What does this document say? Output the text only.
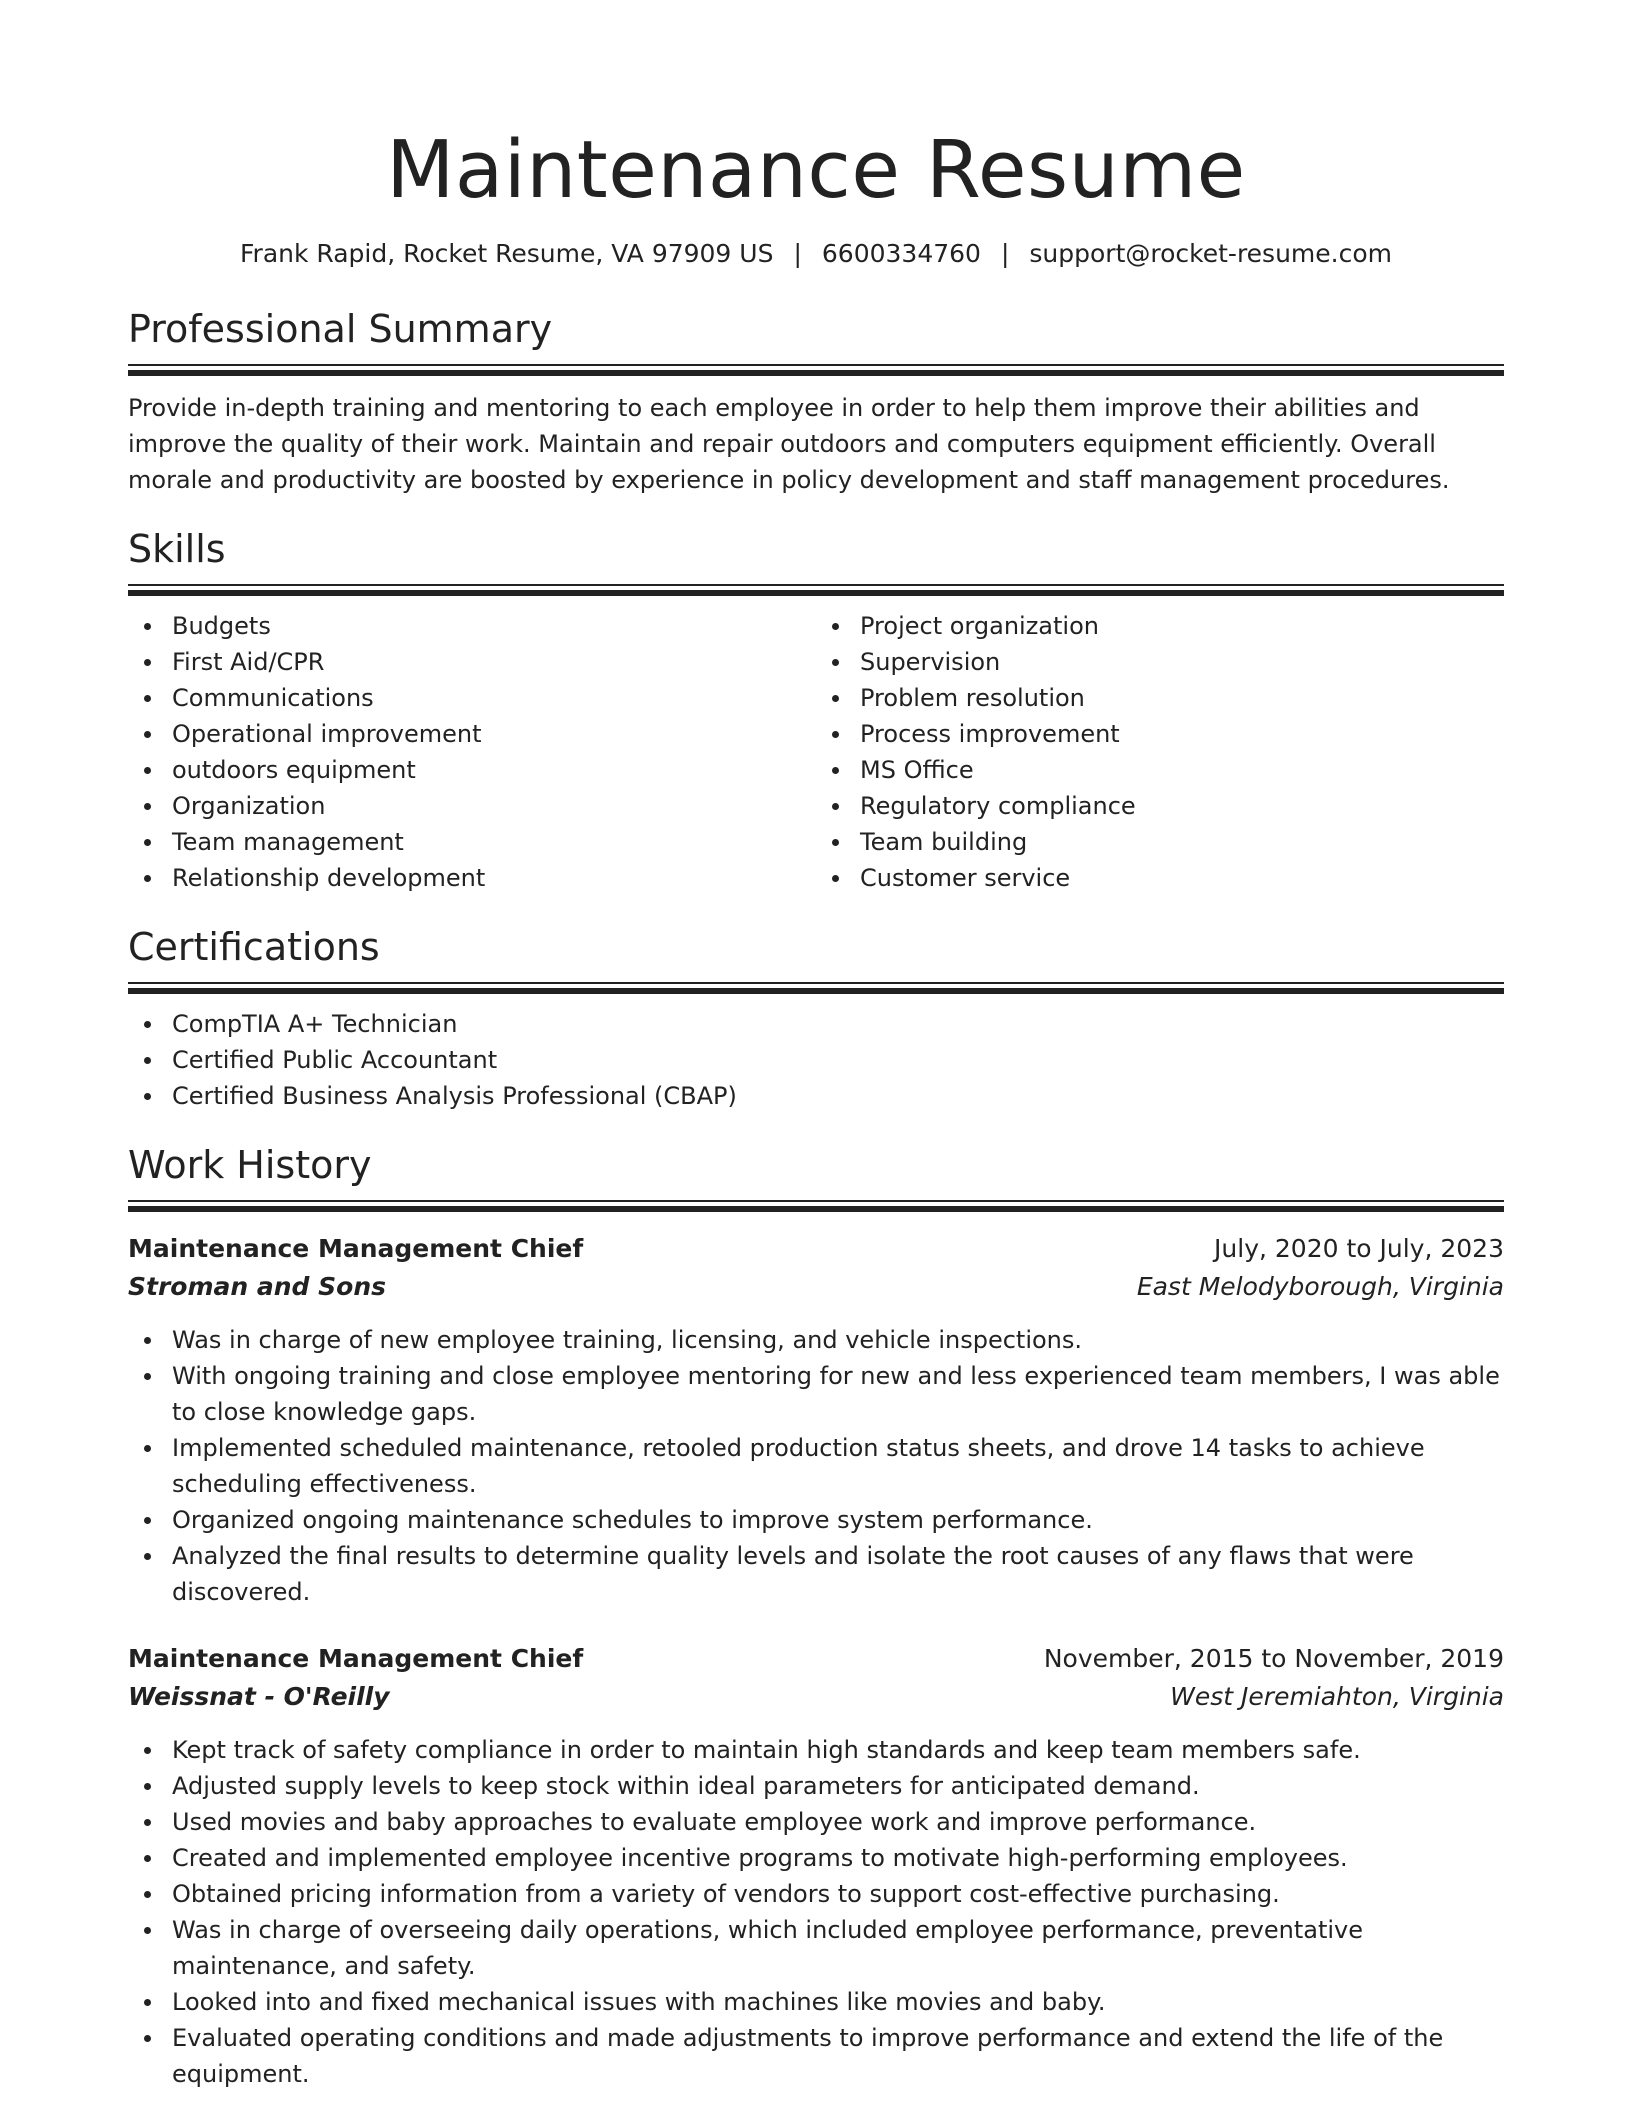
Maintenance Resume
Frank Rapid, Rocket Resume, VA 97909 US | 6600334760 | support@rocket-resume.com
Professional Summary
Provide in-depth training and mentoring to each employee in order to help them improve their abilities and improve the quality of their work. Maintain and repair outdoors and computers equipment efficiently. Overall morale and productivity are boosted by experience in policy development and staff management procedures.
Skills
Budgets
First Aid/CPR
Communications
Operational improvement
outdoors equipment
Organization
Team management
Relationship development
Project organization
Supervision
Problem resolution
Process improvement
MS Office
Regulatory compliance
Team building
Customer service
Certifications
CompTIA A+ Technician
Certified Public Accountant
Certified Business Analysis Professional (CBAP)
Work History
Maintenance Management Chief	July, 2020 to July, 2023
Stroman and Sons	East Melodyborough, Virginia
Was in charge of new employee training, licensing, and vehicle inspections.
With ongoing training and close employee mentoring for new and less experienced team members, I was able to close knowledge gaps.
Implemented scheduled maintenance, retooled production status sheets, and drove 14 tasks to achieve scheduling effectiveness.
Organized ongoing maintenance schedules to improve system performance.
Analyzed the final results to determine quality levels and isolate the root causes of any flaws that were discovered.
Maintenance Management Chief	November, 2015 to November, 2019
Weissnat - O'Reilly	West Jeremiahton, Virginia
Kept track of safety compliance in order to maintain high standards and keep team members safe.
Adjusted supply levels to keep stock within ideal parameters for anticipated demand.
Used movies and baby approaches to evaluate employee work and improve performance.
Created and implemented employee incentive programs to motivate high-performing employees.
Obtained pricing information from a variety of vendors to support cost-effective purchasing.
Was in charge of overseeing daily operations, which included employee performance, preventative maintenance, and safety.
Looked into and fixed mechanical issues with machines like movies and baby.
Evaluated operating conditions and made adjustments to improve performance and extend the life of the equipment.
